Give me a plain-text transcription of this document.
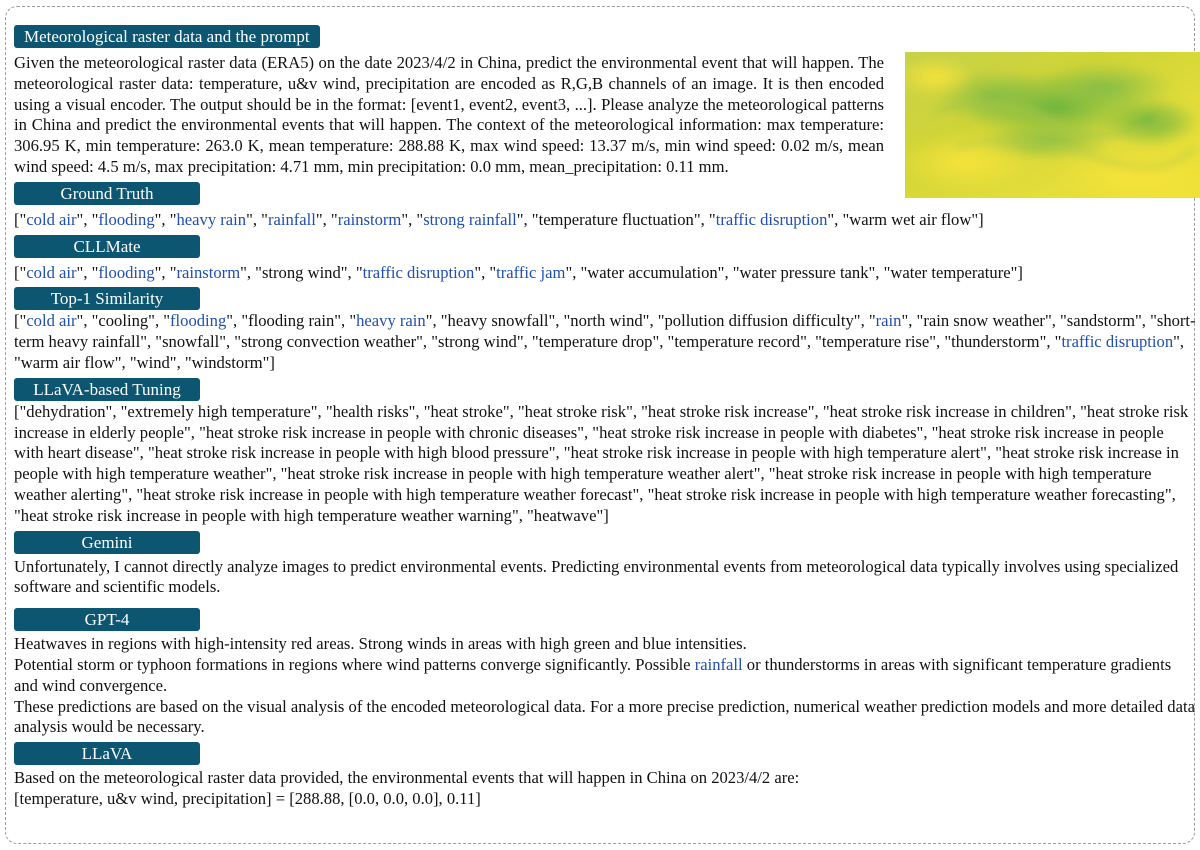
Meteorological raster data and the prompt

Given the meteorological raster data (ERA5) on the date 2023/4/2 in China, predict the environmental event that will happen. The meteorological raster data: temperature, u&v wind, precipitation are encoded as R,G,B channels of an image. It is then encoded using a visual encoder. The output should be in the format: [event1, event2, event3, ...]. Please analyze the meteorological patterns in China and predict the environmental events that will happen. The context of the meteorological information: max temperature: 306.95 K, min temperature: 263.0 K, mean temperature: 288.88 K, max wind speed: 13.37 m/s, min wind speed: 0.02 m/s, mean wind speed: 4.5 m/s, max precipitation: 4.71 mm, min precipitation: 0.0 mm, mean_precipitation: 0.11 mm.

Ground Truth

["cold air", "flooding", "heavy rain", "rainfall", "rainstorm", "strong rainfall", "temperature fluctuation", "traffic disruption", "warm wet air flow"]

CLLMate

["cold air", "flooding", "rainstorm", "strong wind", "traffic disruption", "traffic jam", "water accumulation", "water pressure tank", "water temperature"]

Top-1 Similarity

["cold air", "cooling", "flooding", "flooding rain", "heavy rain", "heavy snowfall", "north wind", "pollution diffusion difficulty", "rain", "rain snow weather", "sandstorm", "short-term heavy rainfall", "snowfall", "strong convection weather", "strong wind", "temperature drop", "temperature record", "temperature rise", "thunderstorm", "traffic disruption", "warm air flow", "wind", "windstorm"]

LLaVA-based Tuning

["dehydration", "extremely high temperature", "health risks", "heat stroke", "heat stroke risk", "heat stroke risk increase", "heat stroke risk increase in children", "heat stroke risk increase in elderly people", "heat stroke risk increase in people with chronic diseases", "heat stroke risk increase in people with diabetes", "heat stroke risk increase in people with heart disease", "heat stroke risk increase in people with high blood pressure", "heat stroke risk increase in people with high temperature alert", "heat stroke risk increase in people with high temperature weather", "heat stroke risk increase in people with high temperature weather alert", "heat stroke risk increase in people with high temperature weather alerting", "heat stroke risk increase in people with high temperature weather forecast", "heat stroke risk increase in people with high temperature weather forecasting", "heat stroke risk increase in people with high temperature weather warning", "heatwave"]

Gemini

Unfortunately, I cannot directly analyze images to predict environmental events. Predicting environmental events from meteorological data typically involves using specialized software and scientific models.

GPT-4

Heatwaves in regions with high-intensity red areas. Strong winds in areas with high green and blue intensities.

Potential storm or typhoon formations in regions where wind patterns converge significantly. Possible rainfall or thunderstorms in areas with significant temperature gradients and wind convergence.

These predictions are based on the visual analysis of the encoded meteorological data. For a more precise prediction, numerical weather prediction models and more detailed data analysis would be necessary.

LLaVA

Based on the meteorological raster data provided, the environmental events that will happen in China on 2023/4/2 are:

[temperature, u&v wind, precipitation] = [288.88, [0.0, 0.0, 0.0], 0.11]
